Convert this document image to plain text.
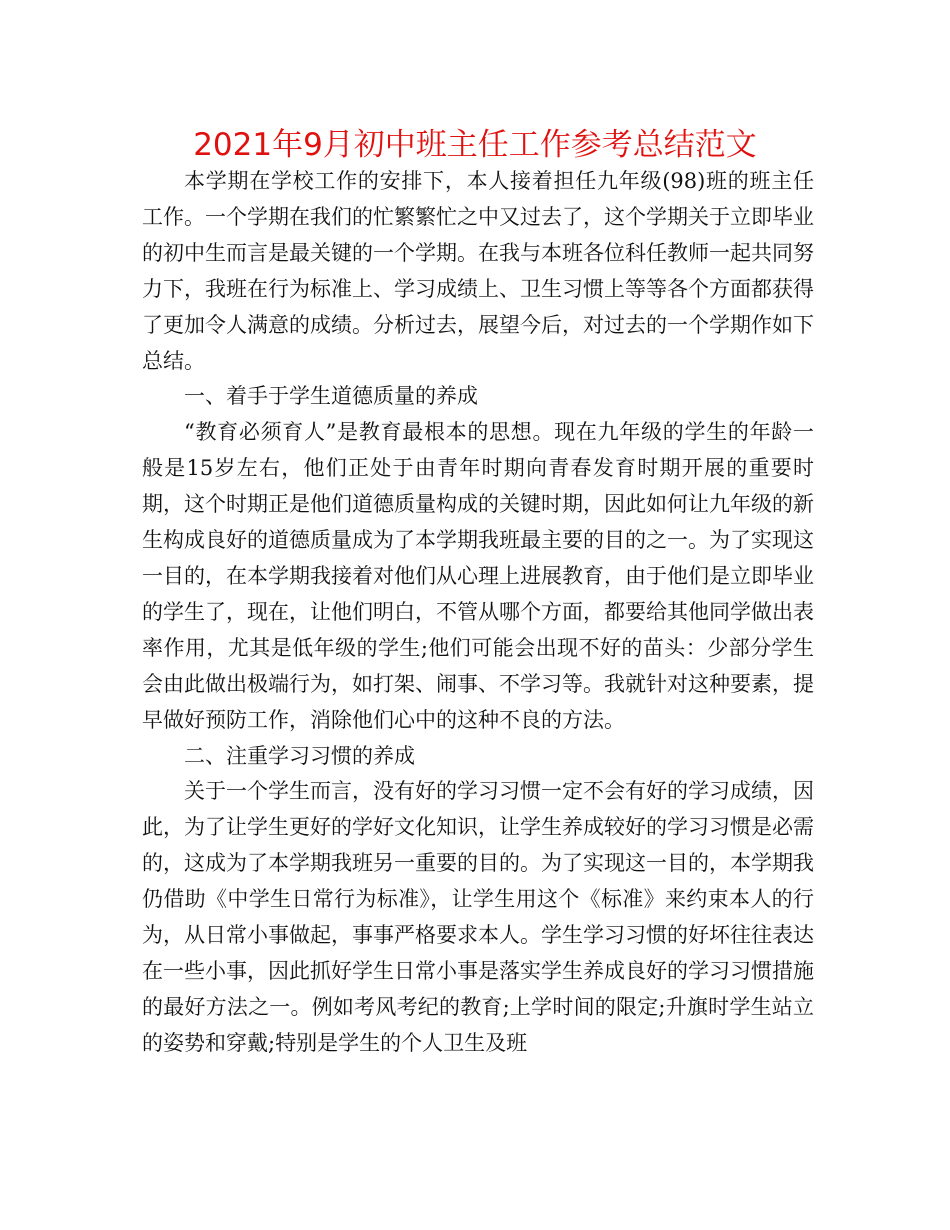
2021年9月初中班主任工作参考总结范文

本学期在学校工作的安排下，本人接着担任九年级(98)班的班主任工作。一个学期在我们的忙繁繁忙之中又过去了，这个学期关于立即毕业的初中生而言是最关键的一个学期。在我与本班各位科任教师一起共同努力下，我班在行为标准上、学习成绩上、卫生习惯上等等各个方面都获得了更加令人满意的成绩。分析过去，展望今后，对过去的一个学期作如下总结。

一、着手于学生道德质量的养成

“教育必须育人”是教育最根本的思想。现在九年级的学生的年龄一般是15岁左右，他们正处于由青年时期向青春发育时期开展的重要时期，这个时期正是他们道德质量构成的关键时期，因此如何让九年级的新生构成良好的道德质量成为了本学期我班最主要的目的之一。为了实现这一目的，在本学期我接着对他们从心理上进展教育，由于他们是立即毕业的学生了，现在，让他们明白，不管从哪个方面，都要给其他同学做出表率作用，尤其是低年级的学生;他们可能会出现不好的苗头：少部分学生会由此做出极端行为，如打架、闹事、不学习等。我就针对这种要素，提早做好预防工作，消除他们心中的这种不良的方法。

二、注重学习习惯的养成

关于一个学生而言，没有好的学习习惯一定不会有好的学习成绩，因此，为了让学生更好的学好文化知识，让学生养成较好的学习习惯是必需的，这成为了本学期我班另一重要的目的。为了实现这一目的，本学期我仍借助《中学生日常行为标准》，让学生用这个《标准》来约束本人的行为，从日常小事做起，事事严格要求本人。学生学习习惯的好坏往往表达在一些小事，因此抓好学生日常小事是落实学生养成良好的学习习惯措施的最好方法之一。例如考风考纪的教育;上学时间的限定;升旗时学生站立的姿势和穿戴;特别是学生的个人卫生及班
